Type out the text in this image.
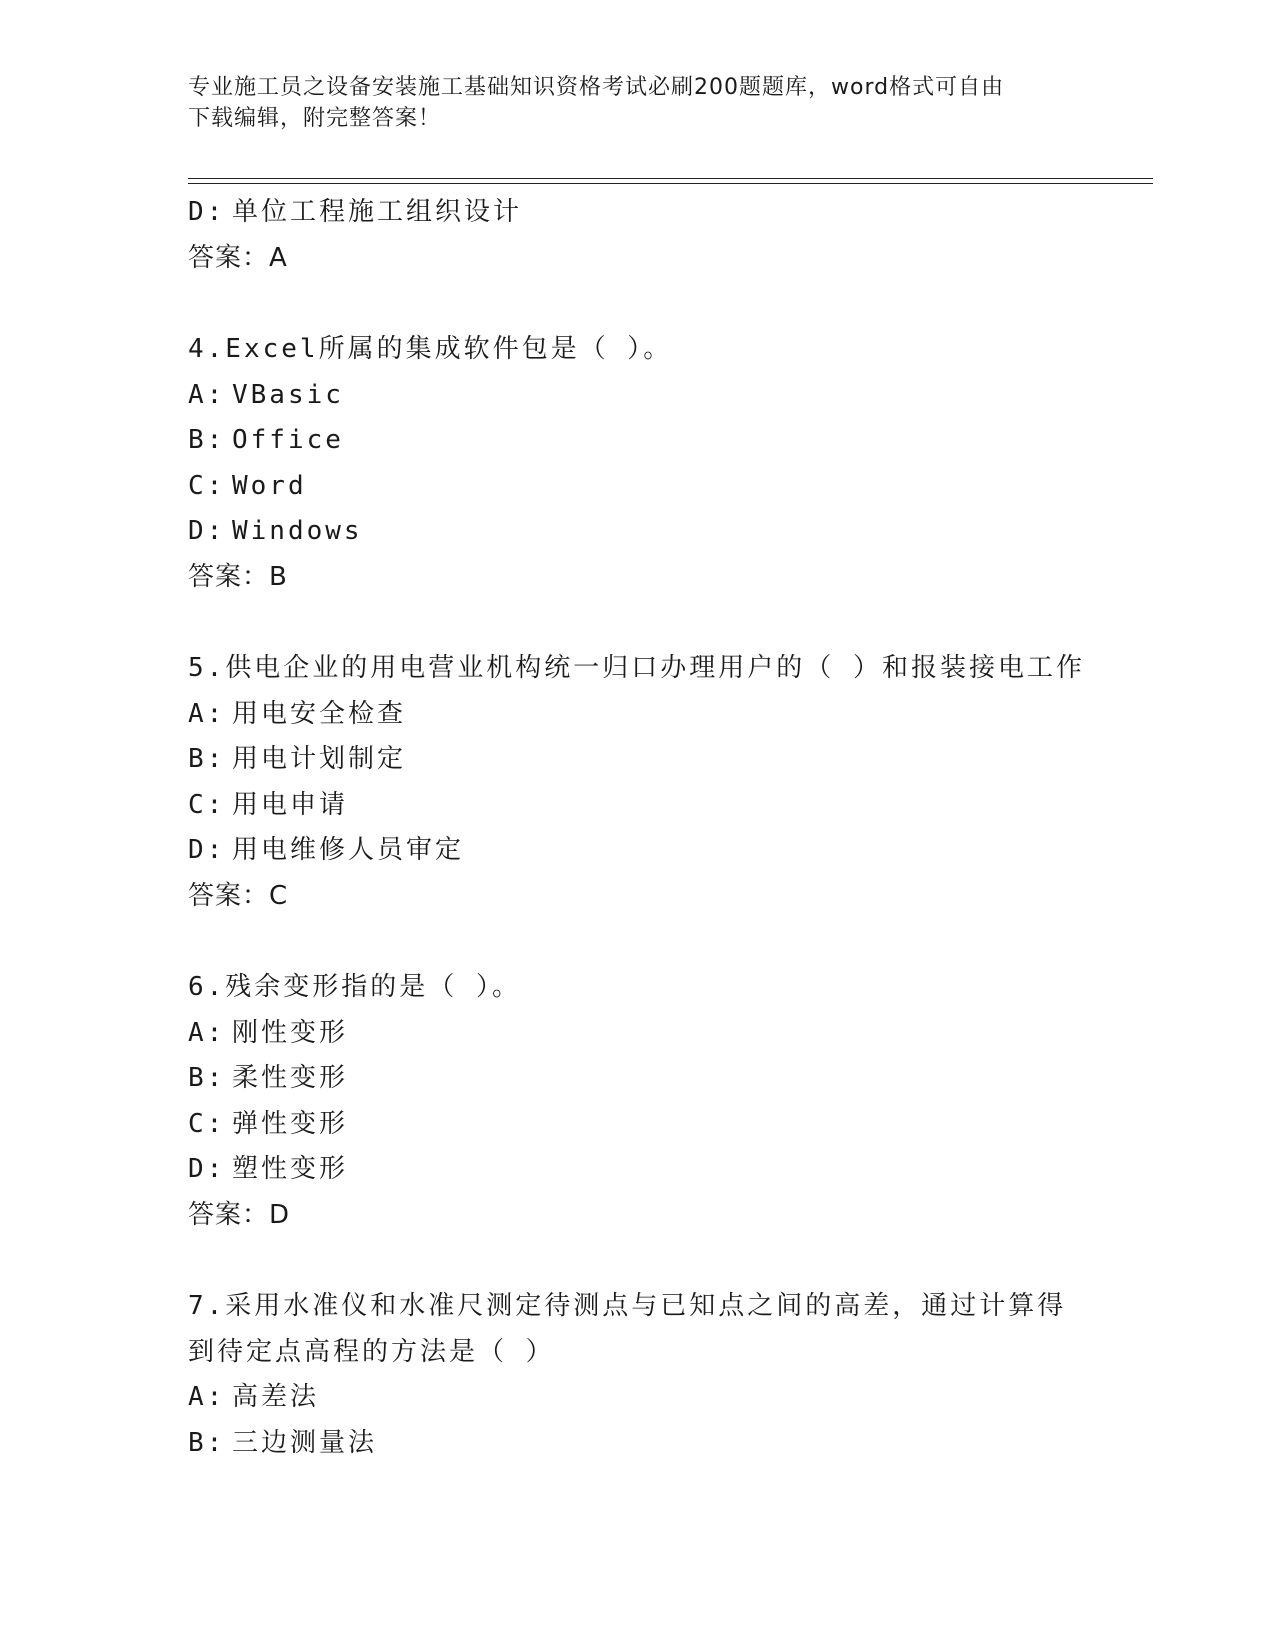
专业施工员之设备安装施工基础知识资格考试必刷200题题库，word格式可自由
下载编辑，附完整答案！
D: 单位工程施工组织设计
答案：A
4.Excel所属的集成软件包是（ ）。
A: VBasic
B: Office
C: Word
D: Windows
答案：B
5.供电企业的用电营业机构统一归口办理用户的（ ）和报装接电工作
A: 用电安全检查
B: 用电计划制定
C: 用电申请
D: 用电维修人员审定
答案：C
6.残余变形指的是（ ）。
A: 刚性变形
B: 柔性变形
C: 弹性变形
D: 塑性变形
答案：D
7.采用水准仪和水准尺测定待测点与已知点之间的高差，通过计算得
到待定点高程的方法是（ ）
A: 高差法
B: 三边测量法
